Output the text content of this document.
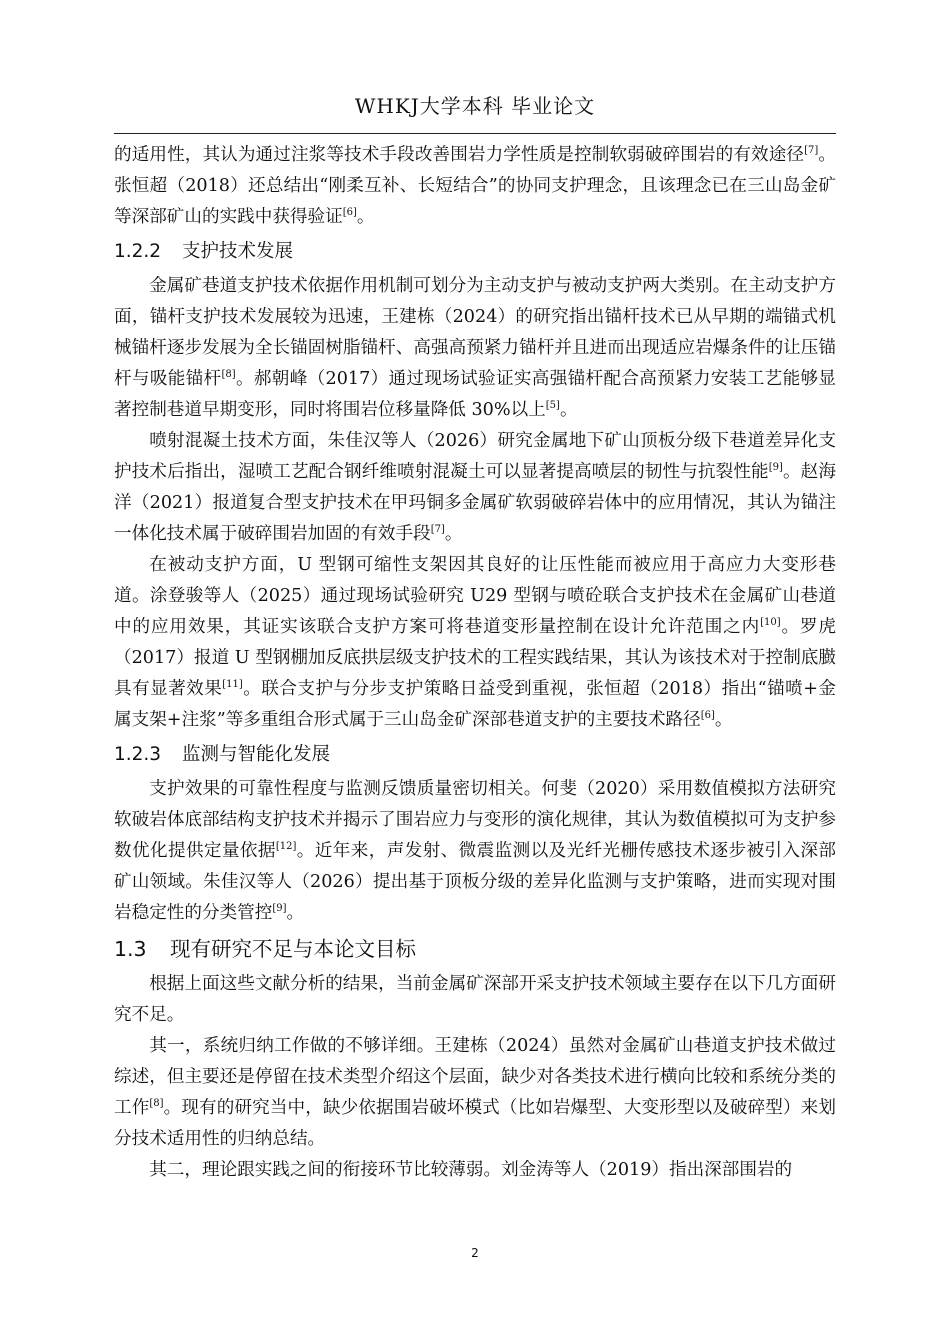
WHKJ大学本科 毕业论文

的适用性，其认为通过注浆等技术手段改善围岩力学性质是控制软弱破碎围岩的有效途径[7]。张恒超（2018）还总结出“刚柔互补、长短结合”的协同支护理念，且该理念已在三山岛金矿等深部矿山的实践中获得验证[6]。

1.2.2 支护技术发展

金属矿巷道支护技术依据作用机制可划分为主动支护与被动支护两大类别。在主动支护方面，锚杆支护技术发展较为迅速，王建栋（2024）的研究指出锚杆技术已从早期的端锚式机械锚杆逐步发展为全长锚固树脂锚杆、高强高预紧力锚杆并且进而出现适应岩爆条件的让压锚杆与吸能锚杆[8]。郝朝峰（2017）通过现场试验证实高强锚杆配合高预紧力安装工艺能够显著控制巷道早期变形，同时将围岩位移量降低 30%以上[5]。

喷射混凝土技术方面，朱佳汉等人（2026）研究金属地下矿山顶板分级下巷道差异化支护技术后指出，湿喷工艺配合钢纤维喷射混凝土可以显著提高喷层的韧性与抗裂性能[9]。赵海洋（2021）报道复合型支护技术在甲玛铜多金属矿软弱破碎岩体中的应用情况，其认为锚注一体化技术属于破碎围岩加固的有效手段[7]。

在被动支护方面，U 型钢可缩性支架因其良好的让压性能而被应用于高应力大变形巷道。涂登骏等人（2025）通过现场试验研究 U29 型钢与喷砼联合支护技术在金属矿山巷道中的应用效果，其证实该联合支护方案可将巷道变形量控制在设计允许范围之内[10]。罗虎（2017）报道 U 型钢棚加反底拱层级支护技术的工程实践结果，其认为该技术对于控制底臌具有显著效果[11]。联合支护与分步支护策略日益受到重视，张恒超（2018）指出“锚喷+金属支架+注浆”等多重组合形式属于三山岛金矿深部巷道支护的主要技术路径[6]。

1.2.3 监测与智能化发展

支护效果的可靠性程度与监测反馈质量密切相关。何斐（2020）采用数值模拟方法研究软破岩体底部结构支护技术并揭示了围岩应力与变形的演化规律，其认为数值模拟可为支护参数优化提供定量依据[12]。近年来，声发射、微震监测以及光纤光栅传感技术逐步被引入深部矿山领域。朱佳汉等人（2026）提出基于顶板分级的差异化监测与支护策略，进而实现对围岩稳定性的分类管控[9]。

1.3 现有研究不足与本论文目标

根据上面这些文献分析的结果，当前金属矿深部开采支护技术领域主要存在以下几方面研究不足。

其一，系统归纳工作做的不够详细。王建栋（2024）虽然对金属矿山巷道支护技术做过综述，但主要还是停留在技术类型介绍这个层面，缺少对各类技术进行横向比较和系统分类的工作[8]。现有的研究当中，缺少依据围岩破坏模式（比如岩爆型、大变形型以及破碎型）来划分技术适用性的归纳总结。

其二，理论跟实践之间的衔接环节比较薄弱。刘金涛等人（2019）指出深部围岩的

2
